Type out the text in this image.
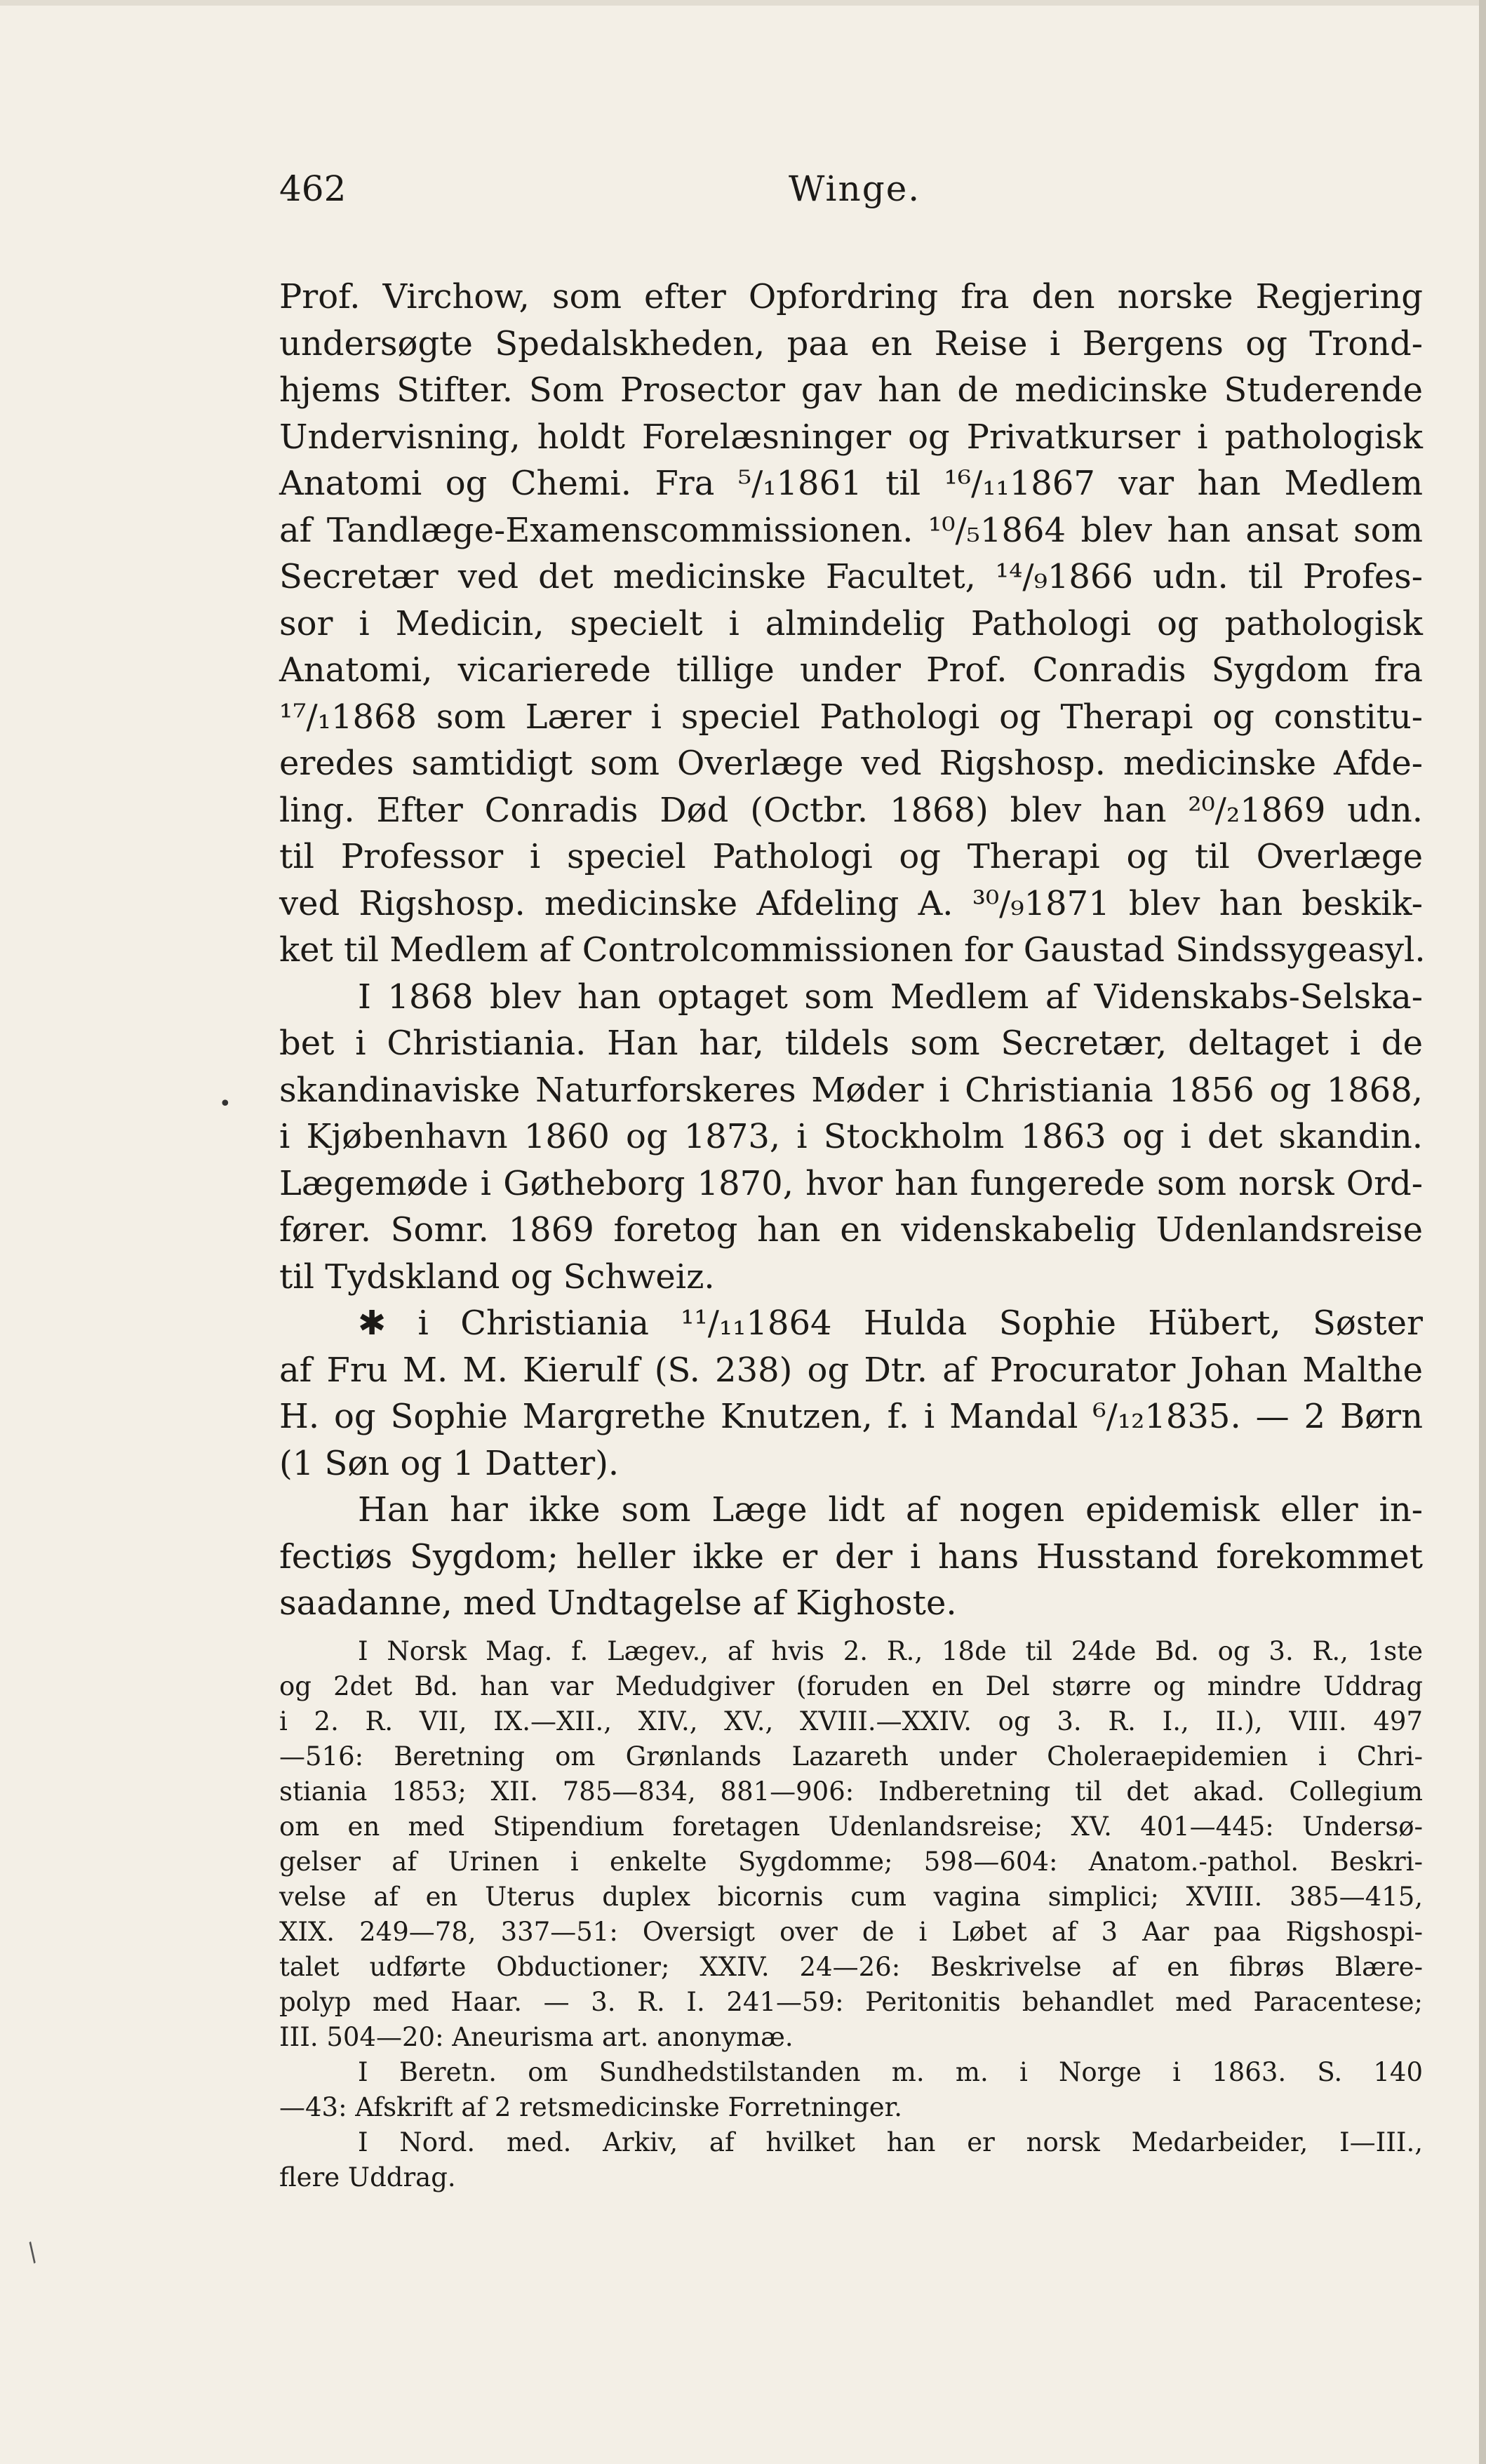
•
/
462	Winge.

Prof. Virchow, som efter Opfordring fra den norske Regjering
undersøgte Spedalskheden, paa en Reise i Bergens og Trond-
hjems Stifter. Som Prosector gav han de medicinske Studerende
Undervisning, holdt Forelæsninger og Privatkurser i pathologisk
Anatomi og Chemi. Fra ⁵/₁1861 til ¹⁶/₁₁1867 var han Medlem
af Tandlæge-Examenscommissionen. ¹⁰/₅1864 blev han ansat som
Secretær ved det medicinske Facultet, ¹⁴/₉1866 udn. til Profes-
sor i Medicin, specielt i almindelig Pathologi og pathologisk
Anatomi, vicarierede tillige under Prof. Conradis Sygdom fra
¹⁷/₁1868 som Lærer i speciel Pathologi og Therapi og constitu-
eredes samtidigt som Overlæge ved Rigshosp. medicinske Afde-
ling. Efter Conradis Død (Octbr. 1868) blev han ²⁰/₂1869 udn.
til Professor i speciel Pathologi og Therapi og til Overlæge
ved Rigshosp. medicinske Afdeling A. ³⁰/₉1871 blev han beskik-
ket til Medlem af Controlcommissionen for Gaustad Sindssygeasyl.

I 1868 blev han optaget som Medlem af Videnskabs-Selska-
bet i Christiania. Han har, tildels som Secretær, deltaget i de
skandinaviske Naturforskeres Møder i Christiania 1856 og 1868,
i Kjøbenhavn 1860 og 1873, i Stockholm 1863 og i det skandin.
Lægemøde i Gøtheborg 1870, hvor han fungerede som norsk Ord-
fører. Somr. 1869 foretog han en videnskabelig Udenlandsreise
til Tydskland og Schweiz.

✱ i Christiania ¹¹/₁₁1864 Hulda Sophie Hübert, Søster
af Fru M. M. Kierulf (S. 238) og Dtr. af Procurator Johan Malthe
H. og Sophie Margrethe Knutzen, f. i Mandal ⁶/₁₂1835. — 2 Børn
(1 Søn og 1 Datter).

Han har ikke som Læge lidt af nogen epidemisk eller in-
fectiøs Sygdom; heller ikke er der i hans Husstand forekommet
saadanne, med Undtagelse af Kighoste.

I Norsk Mag. f. Lægev., af hvis 2. R., 18de til 24de Bd. og 3. R., 1ste
og 2det Bd. han var Medudgiver (foruden en Del større og mindre Uddrag
i 2. R. VII, IX.—XII., XIV., XV., XVIII.—XXIV. og 3. R. I., II.), VIII. 497
—516: Beretning om Grønlands Lazareth under Choleraepidemien i Chri-
stiania 1853; XII. 785—834, 881—906: Indberetning til det akad. Collegium
om en med Stipendium foretagen Udenlandsreise; XV. 401—445: Undersø-
gelser af Urinen i enkelte Sygdomme; 598—604: Anatom.-pathol. Beskri-
velse af en Uterus duplex bicornis cum vagina simplici; XVIII. 385—415,
XIX. 249—78, 337—51: Oversigt over de i Løbet af 3 Aar paa Rigshospi-
talet udførte Obductioner; XXIV. 24—26: Beskrivelse af en fibrøs Blære-
polyp med Haar. — 3. R. I. 241—59: Peritonitis behandlet med Paracentese;
III. 504—20: Aneurisma art. anonymæ.

I Beretn. om Sundhedstilstanden m. m. i Norge i 1863. S. 140
—43: Afskrift af 2 retsmedicinske Forretninger.

I Nord. med. Arkiv, af hvilket han er norsk Medarbeider, I—III.,
flere Uddrag.
